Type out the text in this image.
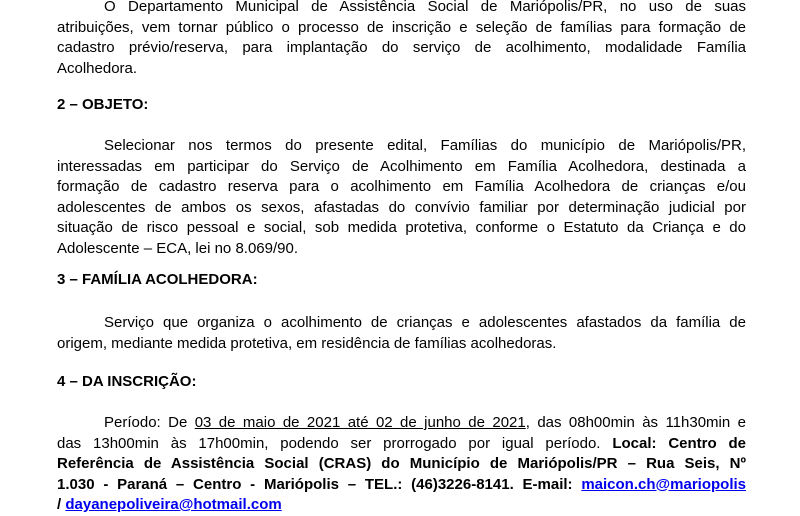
O Departamento Municipal de Assistência Social de Mariópolis/PR, no uso de suas
atribuições, vem tornar público o processo de inscrição e seleção de famílias para formação de
cadastro prévio/reserva, para implantação do serviço de acolhimento, modalidade Família
Acolhedora.

2 – OBJETO:

Selecionar nos termos do presente edital, Famílias do município de Mariópolis/PR,
interessadas em participar do Serviço de Acolhimento em Família Acolhedora, destinada a
formação de cadastro reserva para o acolhimento em Família Acolhedora de crianças e/ou
adolescentes de ambos os sexos, afastadas do convívio familiar por determinação judicial por
situação de risco pessoal e social, sob medida protetiva, conforme o Estatuto da Criança e do
Adolescente – ECA, lei no 8.069/90.

3 – FAMÍLIA ACOLHEDORA:

Serviço que organiza o acolhimento de crianças e adolescentes afastados da família de
origem, mediante medida protetiva, em residência de famílias acolhedoras.

4 – DA INSCRIÇÃO:

Período: De 03 de maio de 2021 até 02 de junho de 2021, das 08h00min às 11h30min e
das 13h00min às 17h00min, podendo ser prorrogado por igual período. Local: Centro de
Referência de Assistência Social (CRAS) do Município de Mariópolis/PR – Rua Seis, Nº
1.030 - Paraná – Centro - Mariópolis – TEL.: (46)3226-8141. E-mail: maicon.ch@mariopolis
/ dayanepoliveira@hotmail.com
